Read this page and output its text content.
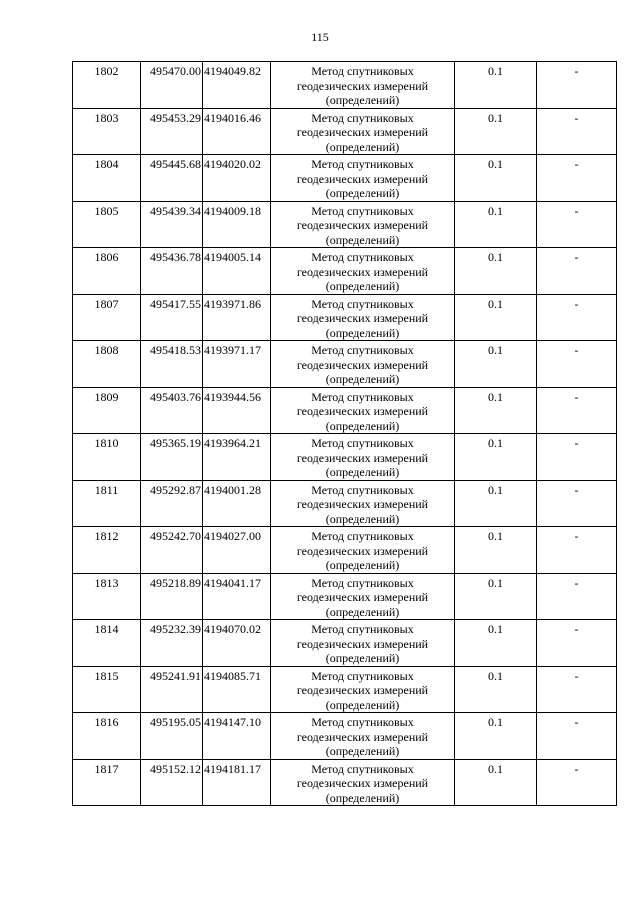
115
1802	495470.00	4194049.82	Метод спутниковых
геодезических измерений
(определений)	0.1	-
1803	495453.29	4194016.46	Метод спутниковых
геодезических измерений
(определений)	0.1	-
1804	495445.68	4194020.02	Метод спутниковых
геодезических измерений
(определений)	0.1	-
1805	495439.34	4194009.18	Метод спутниковых
геодезических измерений
(определений)	0.1	-
1806	495436.78	4194005.14	Метод спутниковых
геодезических измерений
(определений)	0.1	-
1807	495417.55	4193971.86	Метод спутниковых
геодезических измерений
(определений)	0.1	-
1808	495418.53	4193971.17	Метод спутниковых
геодезических измерений
(определений)	0.1	-
1809	495403.76	4193944.56	Метод спутниковых
геодезических измерений
(определений)	0.1	-
1810	495365.19	4193964.21	Метод спутниковых
геодезических измерений
(определений)	0.1	-
1811	495292.87	4194001.28	Метод спутниковых
геодезических измерений
(определений)	0.1	-
1812	495242.70	4194027.00	Метод спутниковых
геодезических измерений
(определений)	0.1	-
1813	495218.89	4194041.17	Метод спутниковых
геодезических измерений
(определений)	0.1	-
1814	495232.39	4194070.02	Метод спутниковых
геодезических измерений
(определений)	0.1	-
1815	495241.91	4194085.71	Метод спутниковых
геодезических измерений
(определений)	0.1	-
1816	495195.05	4194147.10	Метод спутниковых
геодезических измерений
(определений)	0.1	-
1817	495152.12	4194181.17	Метод спутниковых
геодезических измерений
(определений)	0.1	-
